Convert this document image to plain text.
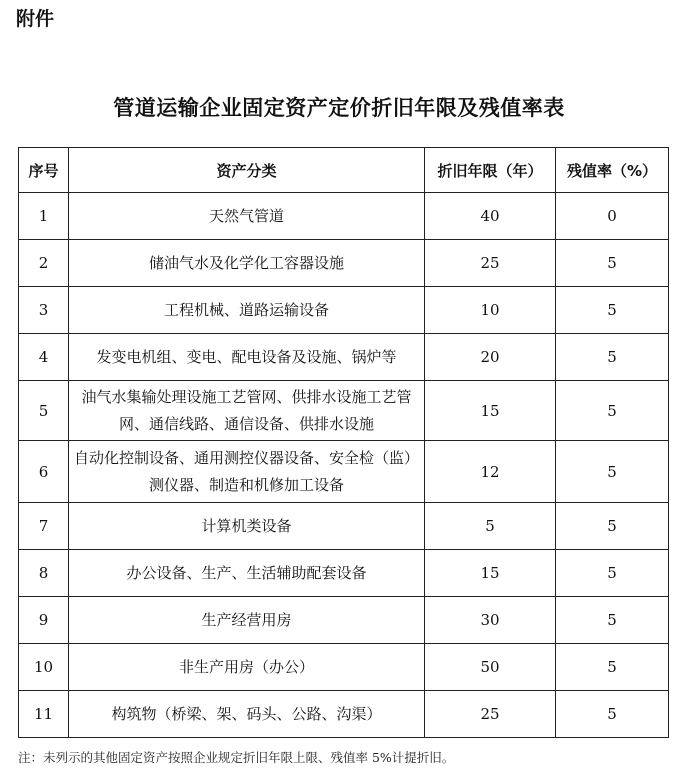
附件
管道运输企业固定资产定价折旧年限及残值率表
序号	资产分类	折旧年限（年）	残值率（%）
1	天然气管道	40	0
2	储油气水及化学化工容器设施	25	5
3	工程机械、道路运输设备	10	5
4	发变电机组、变电、配电设备及设施、锅炉等	20	5
5	油气水集输处理设施工艺管网、供排水设施工艺管网、通信线路、通信设备、供排水设施	15	5
6	自动化控制设备、通用测控仪器设备、安全检（监）测仪器、制造和机修加工设备	12	5
7	计算机类设备	5	5
8	办公设备、生产、生活辅助配套设备	15	5
9	生产经营用房	30	5
10	非生产用房（办公）	50	5
11	构筑物（桥梁、架、码头、公路、沟渠）	25	5
注：未列示的其他固定资产按照企业规定折旧年限上限、残值率 5%计提折旧。
